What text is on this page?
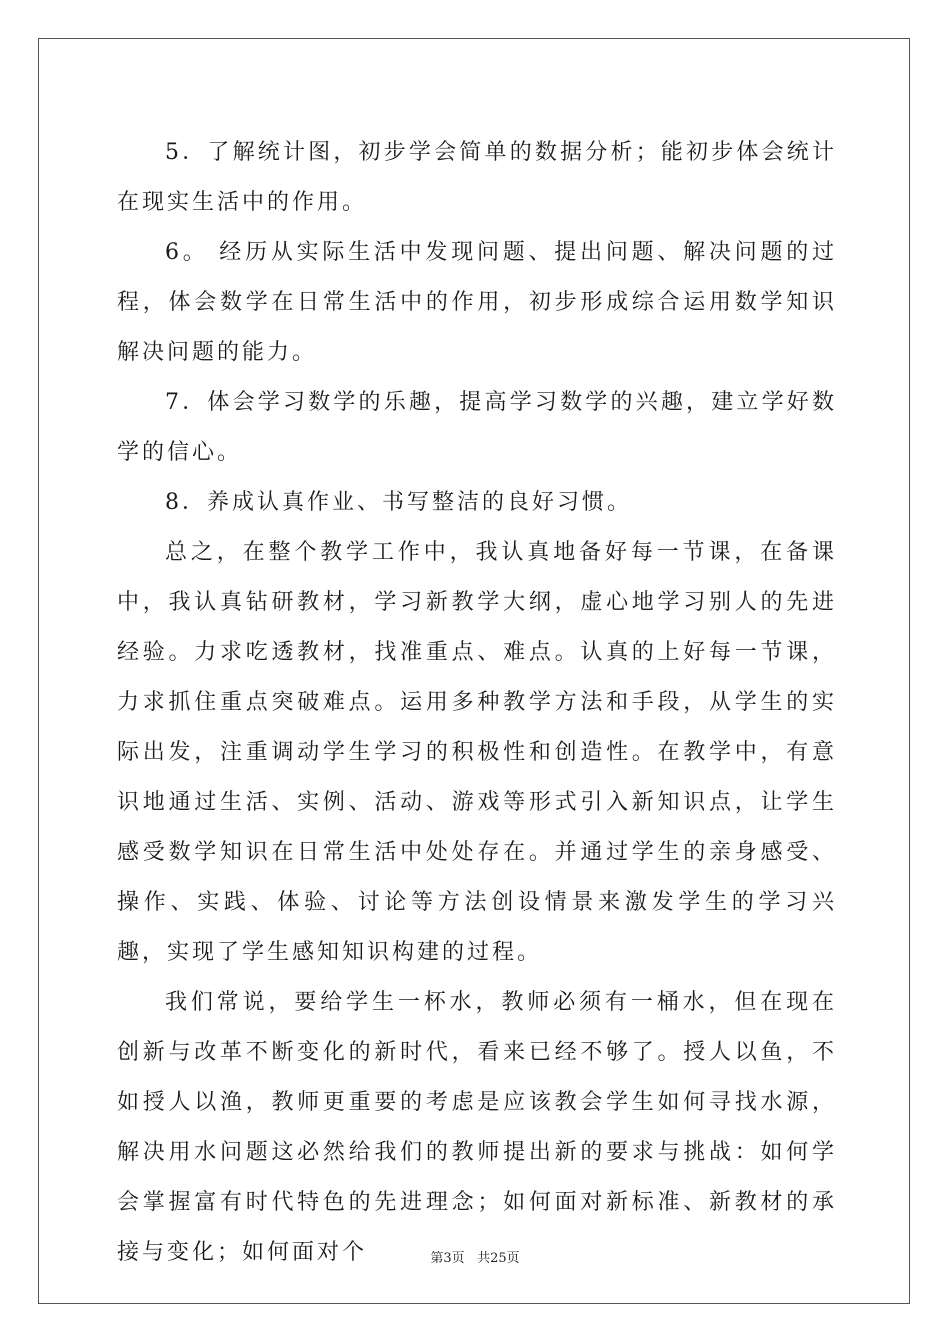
5．了解统计图，初步学会简单的数据分析；能初步体会统计在现实生活中的作用。

6。 经历从实际生活中发现问题、提出问题、解决问题的过程，体会数学在日常生活中的作用，初步形成综合运用数学知识解决问题的能力。

7．体会学习数学的乐趣，提高学习数学的兴趣，建立学好数学的信心。

8．养成认真作业、书写整洁的良好习惯。

总之，在整个教学工作中，我认真地备好每一节课，在备课中，我认真钻研教材，学习新教学大纲，虚心地学习别人的先进经验。力求吃透教材，找准重点、难点。认真的上好每一节课，力求抓住重点突破难点。运用多种教学方法和手段，从学生的实际出发，注重调动学生学习的积极性和创造性。在教学中，有意识地通过生活、实例、活动、游戏等形式引入新知识点，让学生感受数学知识在日常生活中处处存在。并通过学生的亲身感受、操作、实践、体验、讨论等方法创设情景来激发学生的学习兴趣，实现了学生感知知识构建的过程。

我们常说，要给学生一杯水，教师必须有一桶水，但在现在创新与改革不断变化的新时代，看来已经不够了。授人以鱼，不如授人以渔，教师更重要的考虑是应该教会学生如何寻找水源，解决用水问题这必然给我们的教师提出新的要求与挑战：如何学会掌握富有时代特色的先进理念；如何面对新标准、新教材的承接与变化；如何面对个	第3页 共25页
